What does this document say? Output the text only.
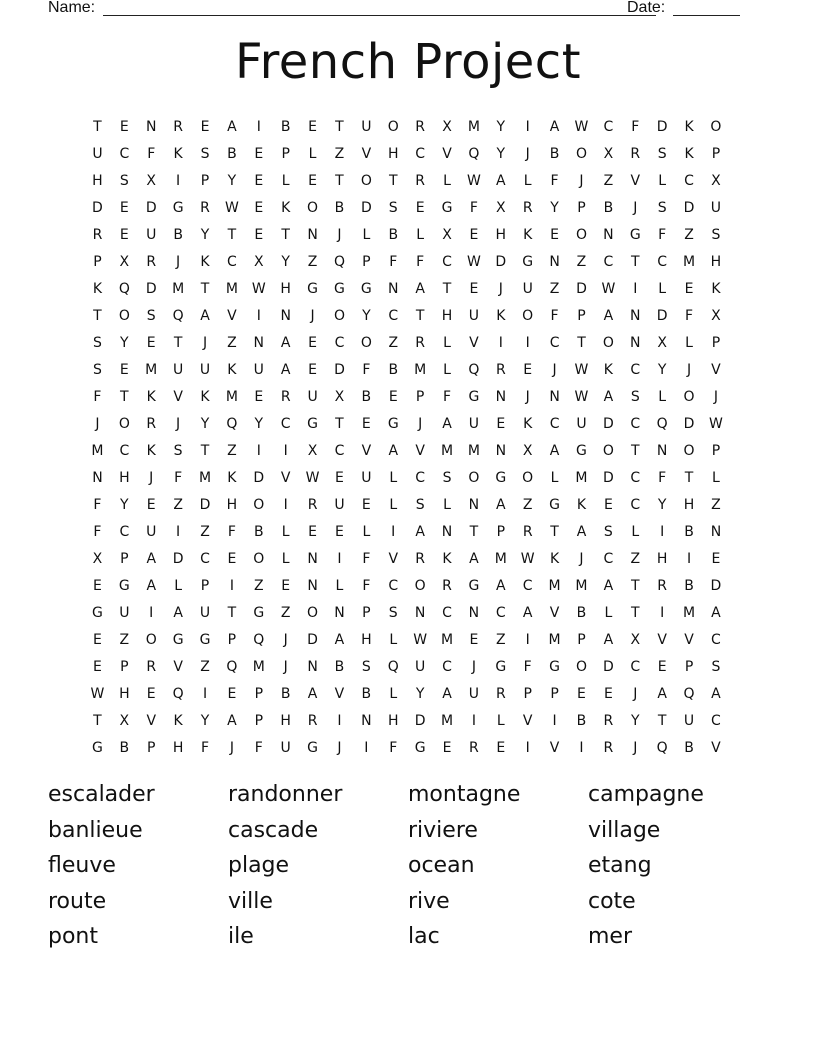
Name:	Date:
French Project
T	E	N	R	E	A	I	B	E	T	U	O	R	X	M	Y	I	A	W	C	F	D	K	O
U	C	F	K	S	B	E	P	L	Z	V	H	C	V	Q	Y	J	B	O	X	R	S	K	P
H	S	X	I	P	Y	E	L	E	T	O	T	R	L	W	A	L	F	J	Z	V	L	C	X
D	E	D	G	R	W	E	K	O	B	D	S	E	G	F	X	R	Y	P	B	J	S	D	U
R	E	U	B	Y	T	E	T	N	J	L	B	L	X	E	H	K	E	O	N	G	F	Z	S
P	X	R	J	K	C	X	Y	Z	Q	P	F	F	C	W	D	G	N	Z	C	T	C	M	H
K	Q	D	M	T	M W	H	G	G	G	N	A	T	E	J	U	Z	D	W	I	L	E	K
T	O	S	Q	A	V	I	N	J	O	Y	C	T	H	U	K	O	F	P	A	N	D	F	X
S	Y	E	T	J	Z	N	A	E	C	O	Z	R	L	V	I	I	C	T	O	N	X	L	P
S	E	M	U	U	K	U	A	E	D	F	B	M	L	Q	R	E	J	W	K	C	Y	J	V
F	T	K	V	K	M	E	R	U	X	B	E	P	F	G	N	J	N	W	A	S	L	O	J
J	O	R	J	Y	Q	Y	C	G	T	E	G	J	A	U	E	K	C	U	D	C	Q	D	W
M	C	K	S	T	Z	I	I	X	C	V	A	V	M	M	N	X	A	G	O	T	N	O	P
N	H	J	F	M	K	D	V	W	E	U	L	C	S	O	G	O	L	M	D	C	F	T	L
F	Y	E	Z	D	H	O	I	R	U	E	L	S	L	N	A	Z	G	K	E	C	Y	H	Z
F	C	U	I	Z	F	B	L	E	E	L	I	A	N	T	P	R	T	A	S	L	I	B	N
X	P	A	D	C	E	O	L	N	I	F	V	R	K	A	M W	K	J	C	Z	H	I	E
E	G	A	L	P	I	Z	E	N	L	F	C	O	R	G	A	C	M	M	A	T	R	B	D
G	U	I	A	U	T	G	Z	O	N	P	S	N	C	N	C	A	V	B	L	T	I	M	A
E	Z	O	G	G	P	Q	J	D	A	H	L	W M	E	Z	I	M	P	A	X	V	V	C
E	P	R	V	Z	Q	M	J	N	B	S	Q	U	C	J	G	F	G	O	D	C	E	P	S
W	H	E	Q	I	E	P	B	A	V	B	L	Y	A	U	R	P	P	E	E	J	A	Q	A
T	X	V	K	Y	A	P	H	R	I	N	H	D	M	I	L	V	I	B	R	Y	T	U	C
G	B	P	H	F	J	F	U	G	J	I	F	G	E	R	E	I	V	I	R	J	Q	B	V
escalader	randonner	montagne	campagne
banlieue	cascade	riviere	village
fleuve	plage	ocean	etang
route	ville	rive	cote
pont	ile	lac	mer
